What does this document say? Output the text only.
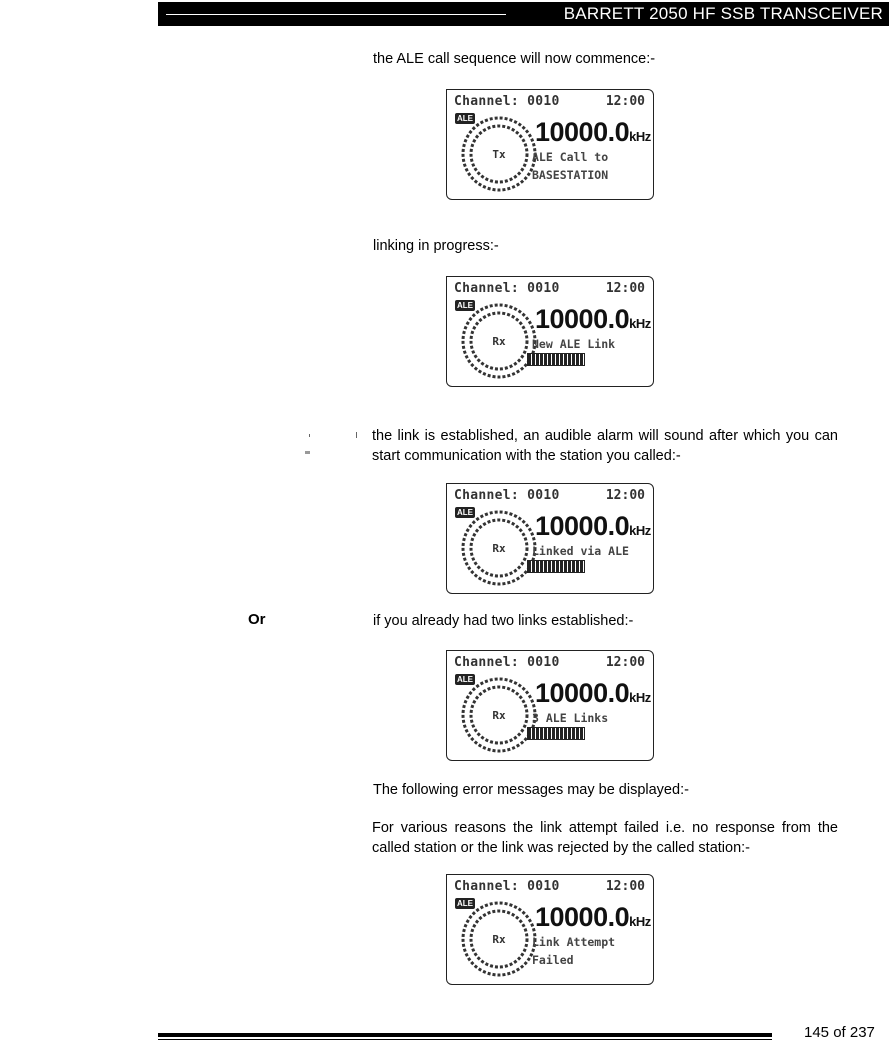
BARRETT 2050 HF SSB TRANSCEIVER
the ALE call sequence will now commence:-
Channel: 0010	12:00
Tx
ALE 10000.0kHz
ALE Call to
BASESTATION
linking in progress:-
Channel: 0010	12:00
Rx
ALE 10000.0kHz
New ALE Link
the link is established, an audible alarm will sound after which you can start communication with the station you called:-
Channel: 0010	12:00
Rx
ALE 10000.0kHz
Linked via ALE
Or	if you already had two links established:-
Channel: 0010	12:00
Rx
ALE 10000.0kHz
3 ALE Links
The following error messages may be displayed:-
For various reasons the link attempt failed i.e. no response from the called station or the link was rejected by the called station:-
Channel: 0010	12:00
Rx
ALE 10000.0kHz
Link Attempt
Failed
145 of 237
